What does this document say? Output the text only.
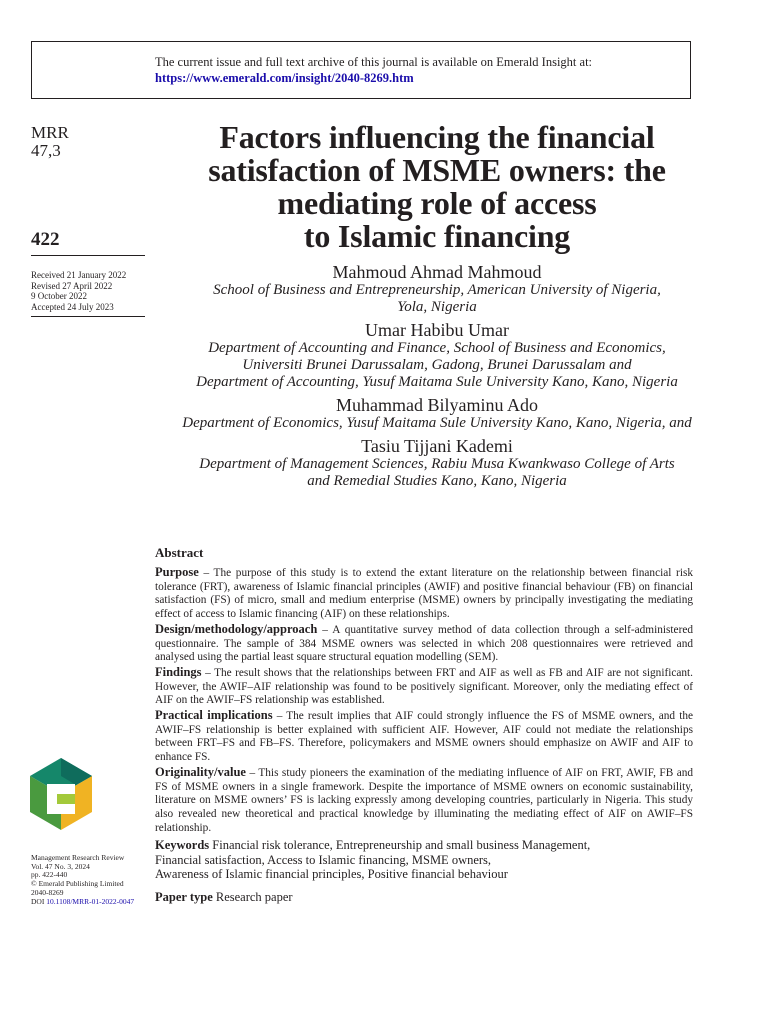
The current issue and full text archive of this journal is available on Emerald Insight at:
https://www.emerald.com/insight/2040-8269.htm
MRR
47,3
422
Received 21 January 2022
Revised 27 April 2022
9 October 2022
Accepted 24 July 2023
Management Research Review
Vol. 47 No. 3, 2024
pp. 422-440
© Emerald Publishing Limited
2040-8269
DOI 10.1108/MRR-01-2022-0047
Factors influencing the financial
satisfaction of MSME owners: the
mediating role of access
to Islamic financing
Mahmoud Ahmad Mahmoud
School of Business and Entrepreneurship, American University of Nigeria,
Yola, Nigeria
Umar Habibu Umar
Department of Accounting and Finance, School of Business and Economics,
Universiti Brunei Darussalam, Gadong, Brunei Darussalam and
Department of Accounting, Yusuf Maitama Sule University Kano, Kano, Nigeria
Muhammad Bilyaminu Ado
Department of Economics, Yusuf Maitama Sule University Kano, Kano, Nigeria, and
Tasiu Tijjani Kademi
Department of Management Sciences, Rabiu Musa Kwankwaso College of Arts
and Remedial Studies Kano, Kano, Nigeria
Abstract
Purpose – The purpose of this study is to extend the extant literature on the relationship between financial risk tolerance (FRT), awareness of Islamic financial principles (AWIF) and positive financial behaviour (FB) on financial satisfaction (FS) of micro, small and medium enterprise (MSME) owners by principally investigating the mediating effect of access to Islamic financing (AIF) on these relationships.
Design/methodology/approach – A quantitative survey method of data collection through a self-administered questionnaire. The sample of 384 MSME owners was selected in which 208 questionnaires were retrieved and analysed using the partial least square structural equation modelling (SEM).
Findings – The result shows that the relationships between FRT and AIF as well as FB and AIF are not significant. However, the AWIF–AIF relationship was found to be positively significant. Moreover, only the mediating effect of AIF on the AWIF–FS relationship was established.
Practical implications – The result implies that AIF could strongly influence the FS of MSME owners, and the AWIF–FS relationship is better explained with sufficient AIF. However, AIF could not mediate the relationships between FRT–FS and FB–FS. Therefore, policymakers and MSME owners should emphasize on AWIF and AIF to enhance FS.
Originality/value – This study pioneers the examination of the mediating influence of AIF on FRT, AWIF, FB and FS of MSME owners in a single framework. Despite the importance of MSME owners on economic sustainability, literature on MSME owners’ FS is lacking expressly among developing countries, particularly in Nigeria. This study also revealed new theoretical and practical knowledge by illuminating the mediating effect of AIF on AWIF–FS relationship.
Keywords Financial risk tolerance, Entrepreneurship and small business Management,
Financial satisfaction, Access to Islamic financing, MSME owners,
Awareness of Islamic financial principles, Positive financial behaviour
Paper type Research paper
